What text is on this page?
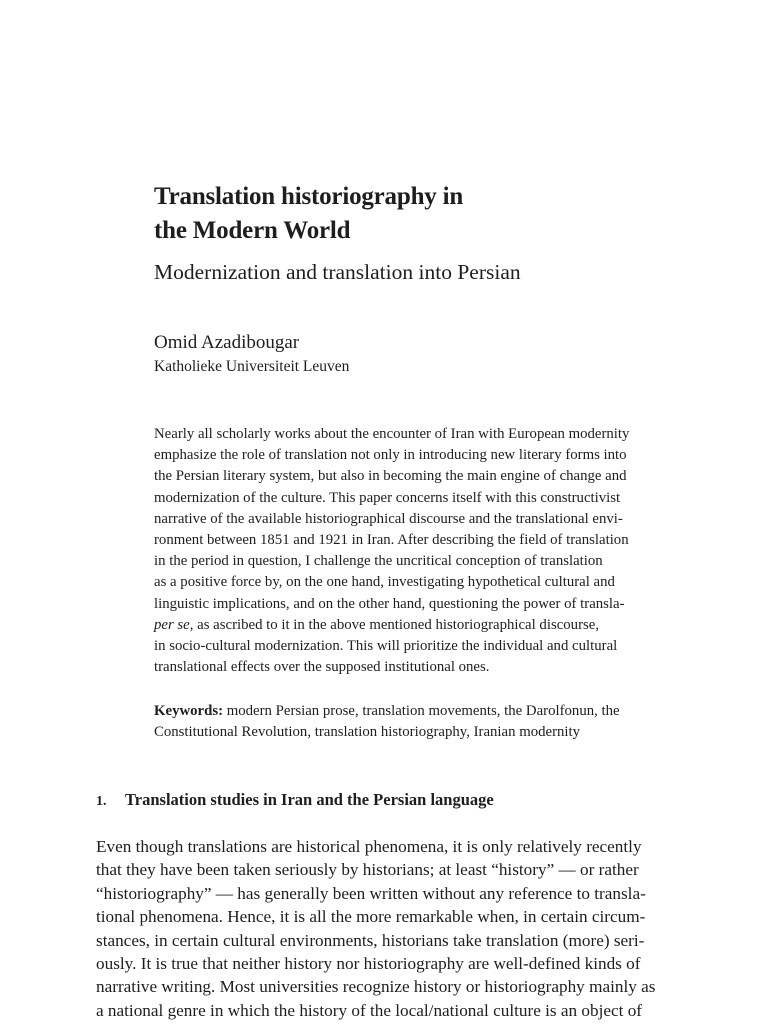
Translation historiography in
the Modern World
Modernization and translation into Persian
Omid Azadibougar
Katholieke Universiteit Leuven
Nearly all scholarly works about the encounter of Iran with European modernity
emphasize the role of translation not only in introducing new literary forms into
the Persian literary system, but also in becoming the main engine of change and
modernization of the culture. This paper concerns itself with this constructivist
narrative of the available historiographical discourse and the translational envi-
ronment between 1851 and 1921 in Iran. After describing the field of translation
in the period in question, I challenge the uncritical conception of translation
as a positive force by, on the one hand, investigating hypothetical cultural and
linguistic implications, and on the other hand, questioning the power of transla-
per se, as ascribed to it in the above mentioned historiographical discourse,
in socio-cultural modernization. This will prioritize the individual and cultural
translational effects over the supposed institutional ones.
Keywords: modern Persian prose, translation movements, the Darolfonun, the
Constitutional Revolution, translation historiography, Iranian modernity
1. Translation studies in Iran and the Persian language
Even though translations are historical phenomena, it is only relatively recently
that they have been taken seriously by historians; at least “history” — or rather
“historiography” — has generally been written without any reference to transla-
tional phenomena. Hence, it is all the more remarkable when, in certain circum-
stances, in certain cultural environments, historians take translation (more) seri-
ously. It is true that neither history nor historiography are well-defined kinds of
narrative writing. Most universities recognize history or historiography mainly as
a national genre in which the history of the local/national culture is an object of
